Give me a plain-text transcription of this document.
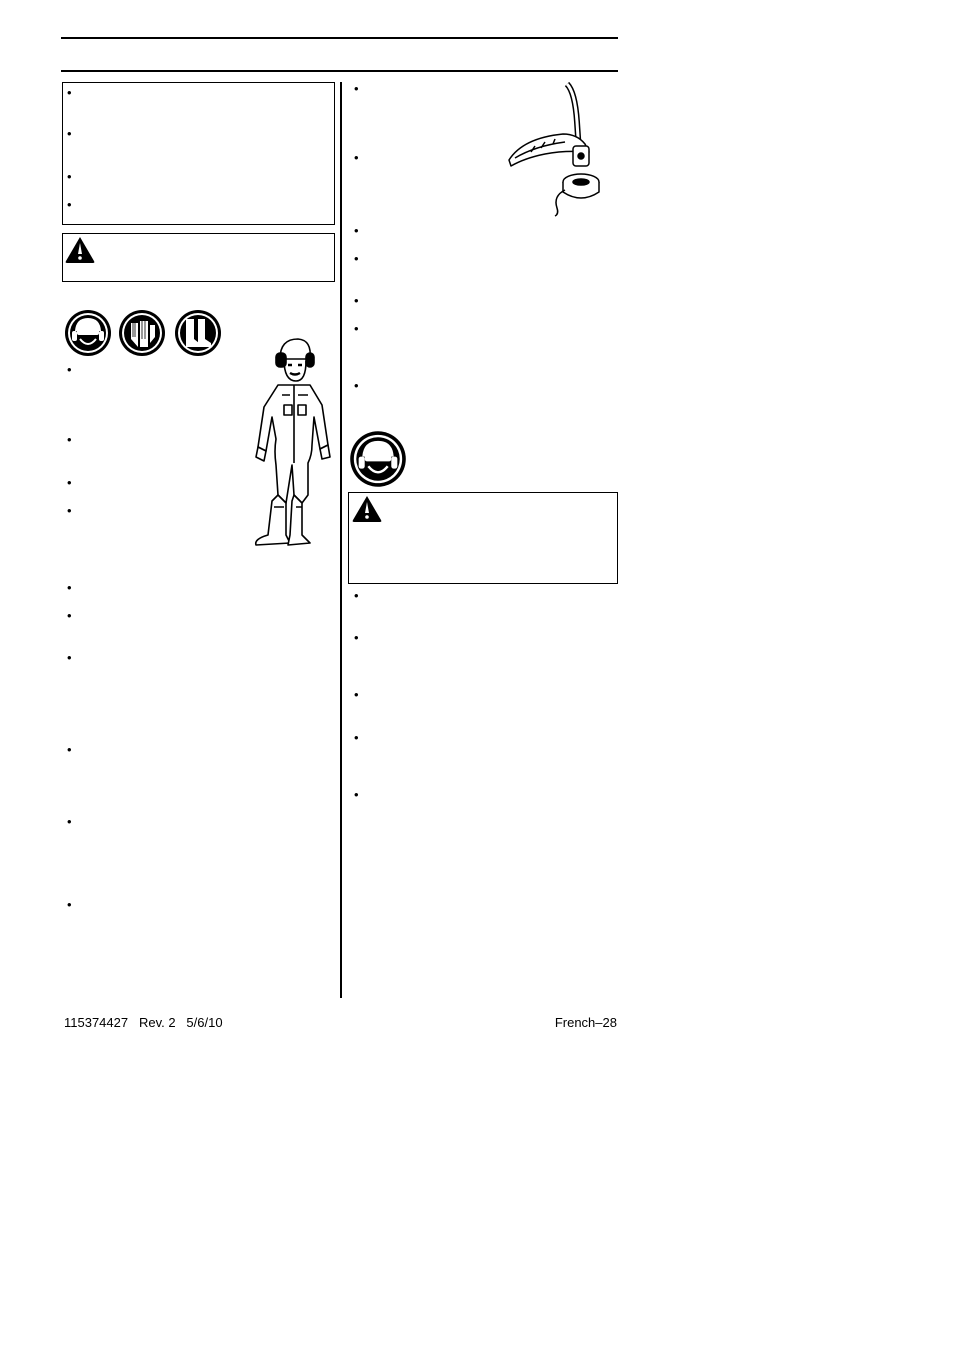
•
•
•
•
•
•
•
•
•
•
•
•
•
•
•
•
•
•
•
•
•
•
•
•
•
•
115374427 Rev. 2 5/6/10	French–28
